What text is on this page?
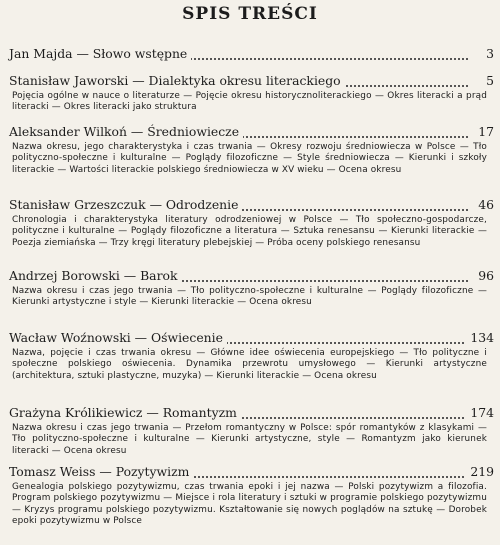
SPIS TREŚCI
Jan Majda — Słowo wstępne	3
Stanisław Jaworski — Dialektyka okresu literackiego	5
Pojęcia ogólne w nauce o literaturze — Pojęcie okresu historycznoliterackiego — Okres literacki a prąd literacki — Okres literacki jako struktura
Aleksander Wilkoń — Średniowiecze	17
Nazwa okresu, jego charakterystyka i czas trwania — Okresy rozwoju średniowiecza w Polsce — Tło polityczno-społeczne i kulturalne — Poglądy filozoficzne — Style średniowiecza — Kierunki i szkoły literackie — Wartości literackie polskiego średniowiecza w XV wieku — Ocena okresu
Stanisław Grzeszczuk — Odrodzenie	46
Chronologia i charakterystyka literatury odrodzeniowej w Polsce — Tło społeczno-gospodarcze, polityczne i kulturalne — Poglądy filozoficzne a literatura — Sztuka renesansu — Kierunki literackie — Poezja ziemiańska — Trzy kręgi literatury plebejskiej — Próba oceny polskiego renesansu
Andrzej Borowski — Barok	96
Nazwa okresu i czas jego trwania — Tło polityczno-społeczne i kulturalne — Poglądy filozoficzne — Kierunki artystyczne i style — Kierunki literackie — Ocena okresu
Wacław Woźnowski — Oświecenie	134
Nazwa, pojęcie i czas trwania okresu — Główne idee oświecenia europejskiego — Tło polityczne i społeczne polskiego oświecenia. Dynamika przewrotu umysłowego — Kierunki artystyczne (architektura, sztuki plastyczne, muzyka) — Kierunki literackie — Ocena okresu
Grażyna Królikiewicz — Romantyzm	174
Nazwa okresu i czas jego trwania — Przełom romantyczny w Polsce: spór romantyków z klasykami — Tło polityczno-społeczne i kulturalne — Kierunki artystyczne, style — Romantyzm jako kierunek literacki — Ocena okresu
Tomasz Weiss — Pozytywizm	219
Genealogia polskiego pozytywizmu, czas trwania epoki i jej nazwa — Polski pozytywizm a filozofia. Program polskiego pozytywizmu — Miejsce i rola literatury i sztuki w programie polskiego pozytywizmu — Kryzys programu polskiego pozytywizmu. Kształtowanie się nowych poglądów na sztukę — Dorobek epoki pozytywizmu w Polsce
